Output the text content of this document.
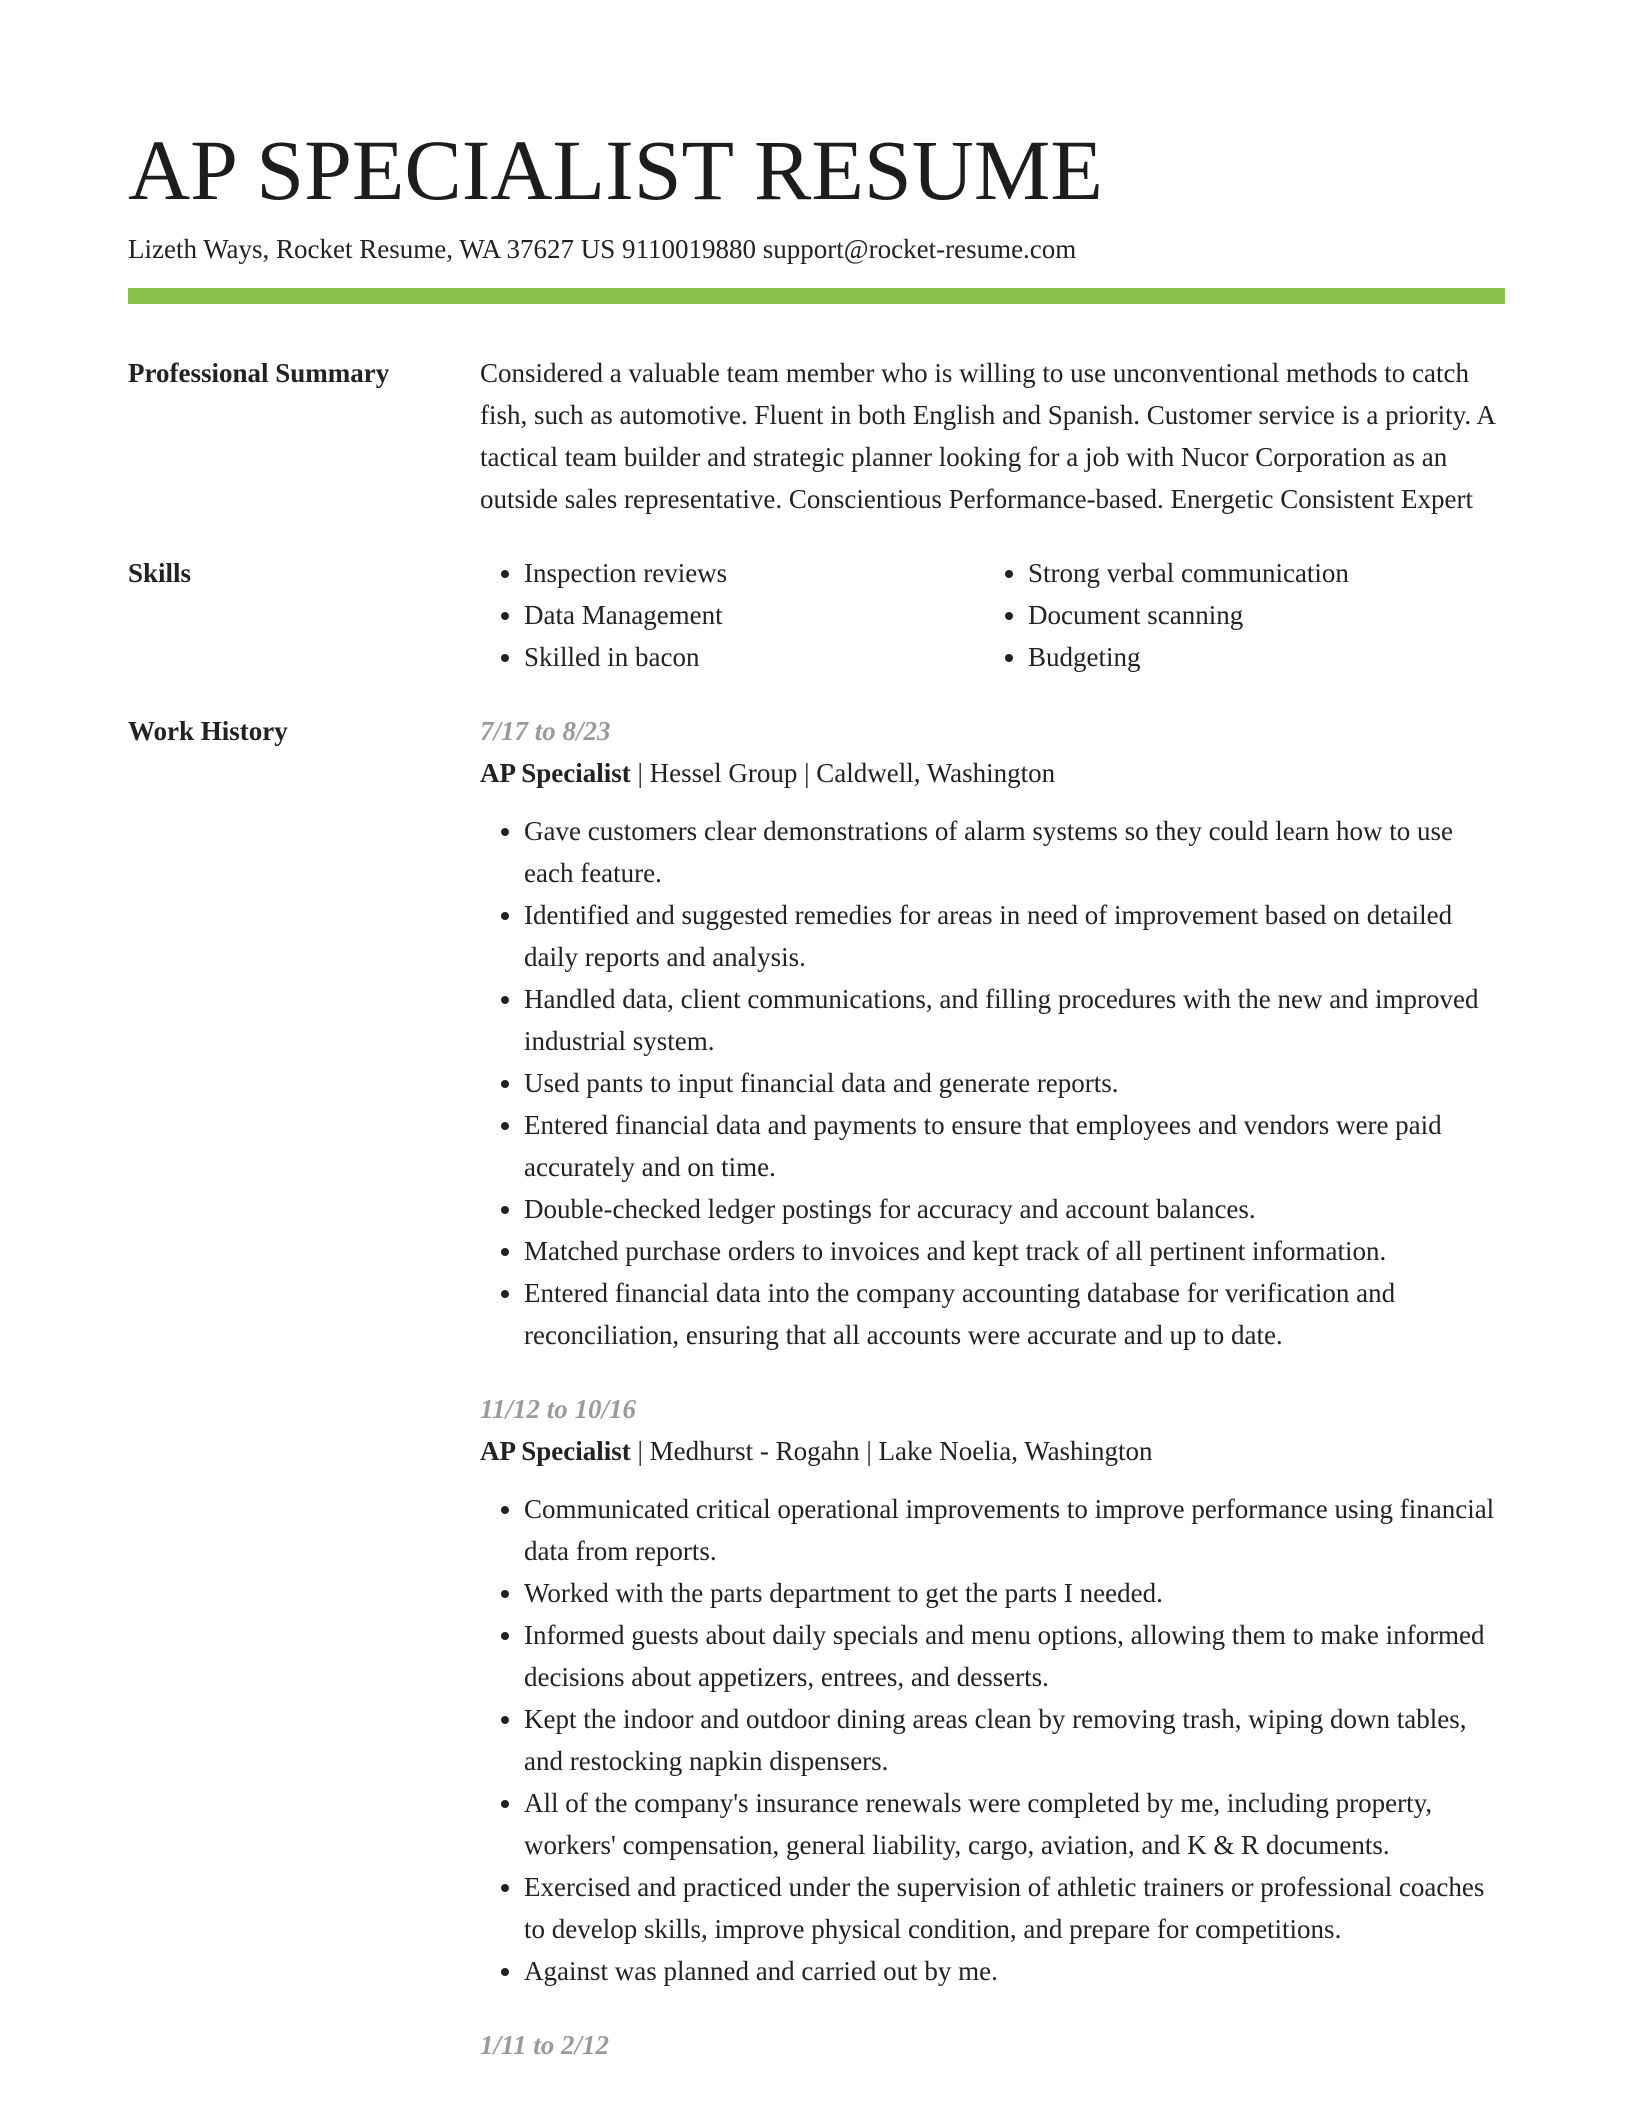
AP SPECIALIST RESUME
Lizeth Ways, Rocket Resume, WA 37627 US 9110019880 support@rocket-resume.com
Professional Summary	Considered a valuable team member who is willing to use unconventional methods to catch fish, such as automotive. Fluent in both English and Spanish. Customer service is a priority. A tactical team builder and strategic planner looking for a job with Nucor Corporation as an outside sales representative. Conscientious Performance-based. Energetic Consistent Expert
Skills
•	Inspection reviews
• Data Management
• Skilled in bacon
• Strong verbal communication
• Document scanning
• Budgeting
Work History	7/17 to 8/23
AP Specialist | Hessel Group | Caldwell, Washington
• Gave customers clear demonstrations of alarm systems so they could learn how to use each feature.
• Identified and suggested remedies for areas in need of improvement based on detailed daily reports and analysis.
• Handled data, client communications, and filling procedures with the new and improved industrial system.
• Used pants to input financial data and generate reports.
• Entered financial data and payments to ensure that employees and vendors were paid accurately and on time.
• Double-checked ledger postings for accuracy and account balances.
• Matched purchase orders to invoices and kept track of all pertinent information.
• Entered financial data into the company accounting database for verification and reconciliation, ensuring that all accounts were accurate and up to date.
11/12 to 10/16
AP Specialist | Medhurst - Rogahn | Lake Noelia, Washington
• Communicated critical operational improvements to improve performance using financial data from reports.
• Worked with the parts department to get the parts I needed.
• Informed guests about daily specials and menu options, allowing them to make informed decisions about appetizers, entrees, and desserts.
• Kept the indoor and outdoor dining areas clean by removing trash, wiping down tables, and restocking napkin dispensers.
• All of the company's insurance renewals were completed by me, including property, workers' compensation, general liability, cargo, aviation, and K & R documents.
• Exercised and practiced under the supervision of athletic trainers or professional coaches to develop skills, improve physical condition, and prepare for competitions.
• Against was planned and carried out by me.
1/11 to 2/12
